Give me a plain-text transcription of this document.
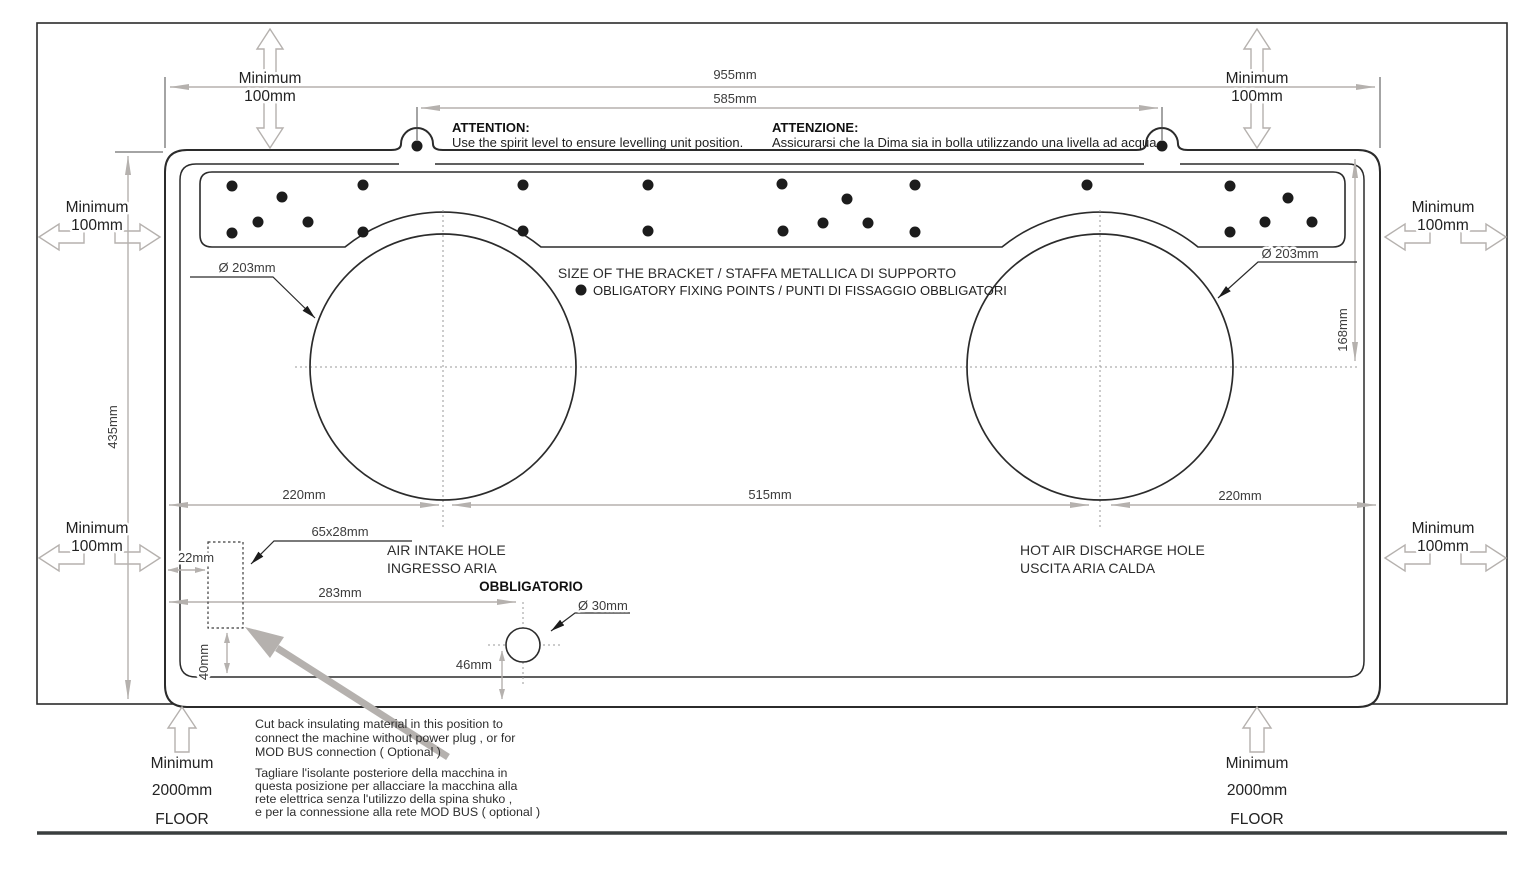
955mm
585mm
ATTENTION:
Use the spirit level to ensure levelling unit position.
ATTENZIONE:
Assicurarsi che la Dima sia in bolla utilizzando una livella ad acqua
Minimum
100mm
Minimum
100mm
Minimum
100mm
Minimum
100mm
Minimum
100mm
Minimum
100mm
435mm
168mm
Ø 203mm
Ø 203mm
SIZE OF THE BRACKET / STAFFA METALLICA DI SUPPORTO
OBLIGATORY FIXING POINTS / PUNTI DI FISSAGGIO OBBLIGATORI
220mm	515mm	220mm
AIR INTAKE HOLE
INGRESSO ARIA
OBBLIGATORIO
HOT AIR DISCHARGE HOLE
USCITA ARIA CALDA
22mm
65x28mm
283mm
Ø 30mm
46mm
40mm
Cut back insulating material in this position to
connect the machine without power plug , or for
MOD BUS connection ( Optional )
Tagliare l'isolante posteriore della macchina in
questa posizione per allacciare la macchina alla
rete elettrica senza l'utilizzo della spina shuko ,
e per la connessione alla rete MOD BUS ( optional )
Minimum
2000mm
FLOOR
Minimum
2000mm
FLOOR
